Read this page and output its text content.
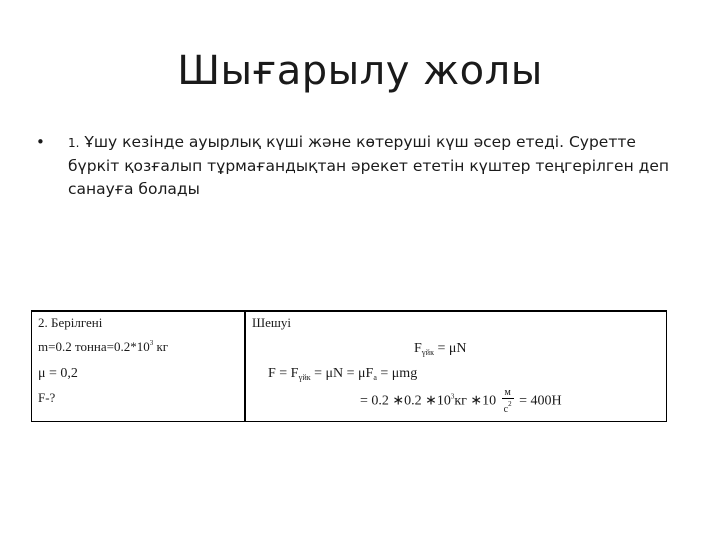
Шығарылу жолы
•	1. Ұшу кезінде ауырлық күші және көтеруші күш әсер етеді. Суретте бүркіт қозғалып тұрмағандықтан әрекет ететін күштер теңгерілген деп санауға болады
2. Берілгені
m=0.2 $тонна=0.2*10^3$ кг
μ = 0,2
F-?
Шешуі
$F_{үйк} = \mu N$
$F = F_{үйк} = \mu N = \mu F_a = \mu mg$
= 0.2 ∗0.2 $∗10^3кг$ ∗10 $\frac{м}{с^2} = 400Н$
